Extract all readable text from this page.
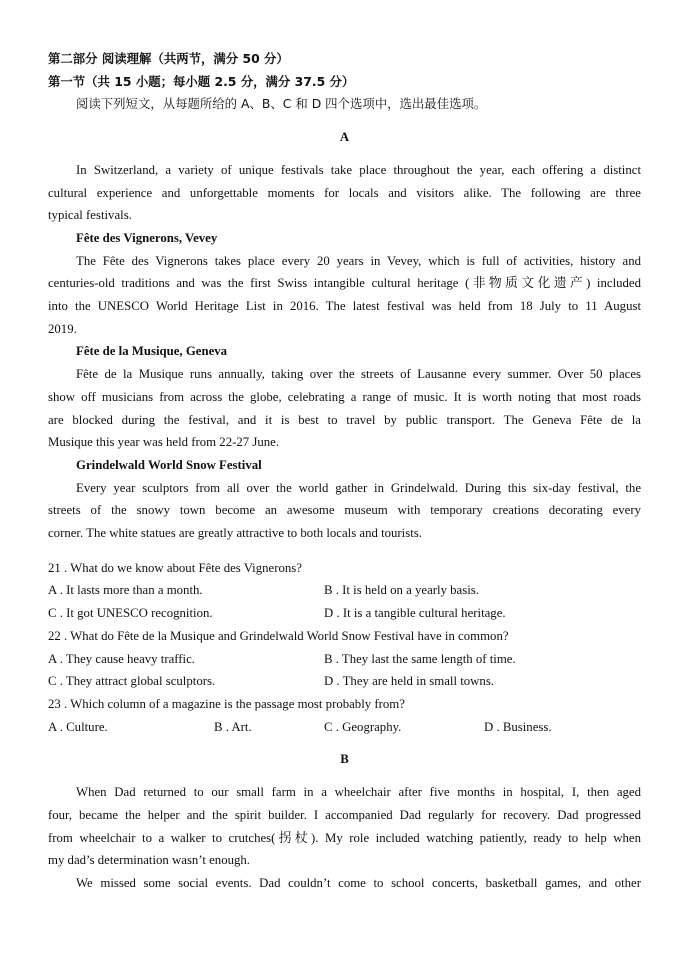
第二部分 阅读理解（共两节，满分 50 分）
第一节（共 15 小题；每小题 2.5 分，满分 37.5 分）
阅读下列短文，从每题所给的 A、B、C 和 D 四个选项中，选出最佳选项。
A
In Switzerland, a variety of unique festivals take place throughout the year, each offering a distinct
cultural experience and unforgettable moments for locals and visitors alike. The following are three
typical festivals.
Fête des Vignerons, Vevey
The Fête des Vignerons takes place every 20 years in Vevey, which is full of activities, history and
centuries-old traditions and was the first Swiss intangible cultural heritage (非物质文化遗产) included
into the UNESCO World Heritage List in 2016. The latest festival was held from 18 July to 11 August
2019.
Fête de la Musique, Geneva
Fête de la Musique runs annually, taking over the streets of Lausanne every summer. Over 50 places
show off musicians from across the globe, celebrating a range of music. It is worth noting that most roads
are blocked during the festival, and it is best to travel by public transport. The Geneva Fête de la
Musique this year was held from 22-27 June.
Grindelwald World Snow Festival
Every year sculptors from all over the world gather in Grindelwald. During this six-day festival, the
streets of the snowy town become an awesome museum with temporary creations decorating every
corner. The white statues are greatly attractive to both locals and tourists.
21 . What do we know about Fête des Vignerons?
A . It lasts more than a month.	B . It is held on a yearly basis.
C . It got UNESCO recognition.	D . It is a tangible cultural heritage.
22 . What do Fête de la Musique and Grindelwald World Snow Festival have in common?
A . They cause heavy traffic.	B . They last the same length of time.
C . They attract global sculptors.	D . They are held in small towns.
23 . Which column of a magazine is the passage most probably from?
A . Culture.	B . Art.	C . Geography.	D . Business.
B
When Dad returned to our small farm in a wheelchair after five months in hospital, I, then aged
four, became the helper and the spirit builder. I accompanied Dad regularly for recovery. Dad progressed
from wheelchair to a walker to crutches(拐杖). My role included watching patiently, ready to help when
my dad’s determination wasn’t enough.
We missed some social events. Dad couldn’t come to school concerts, basketball games, and other
